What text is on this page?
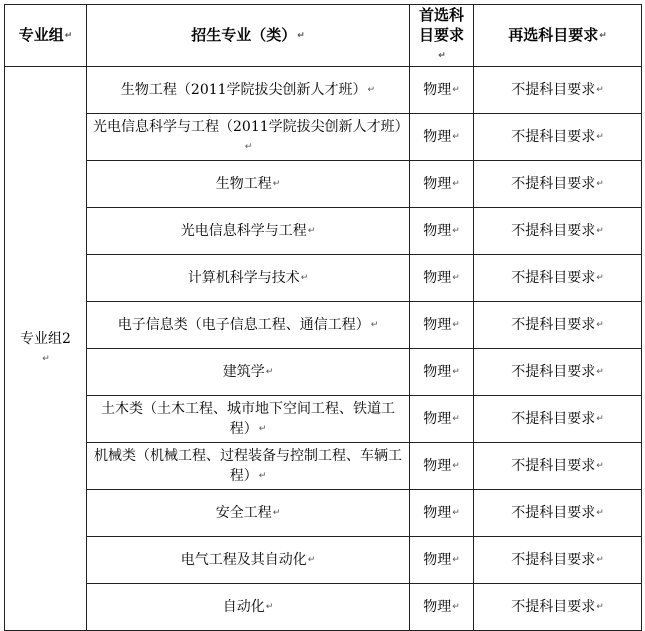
专业组↵	招生专业（类）↵	首选科目要求↵	再选科目要求↵
专业组2
↵	生物工程（2011学院拔尖创新人才班）↵	物理↵	不提科目要求↵
	光电信息科学与工程（2011学院拔尖创新人才班）↵	物理↵	不提科目要求↵
	生物工程↵	物理↵	不提科目要求↵
	光电信息科学与工程↵	物理↵	不提科目要求↵
	计算机科学与技术↵	物理↵	不提科目要求↵
	电子信息类（电子信息工程、通信工程）↵	物理↵	不提科目要求↵
	建筑学↵	物理↵	不提科目要求↵
	土木类（土木工程、城市地下空间工程、铁道工程）↵	物理↵	不提科目要求↵
	机械类（机械工程、过程装备与控制工程、车辆工程）↵	物理↵	不提科目要求↵
	安全工程↵	物理↵	不提科目要求↵
	电气工程及其自动化↵	物理↵	不提科目要求↵
	自动化↵	物理↵	不提科目要求↵
